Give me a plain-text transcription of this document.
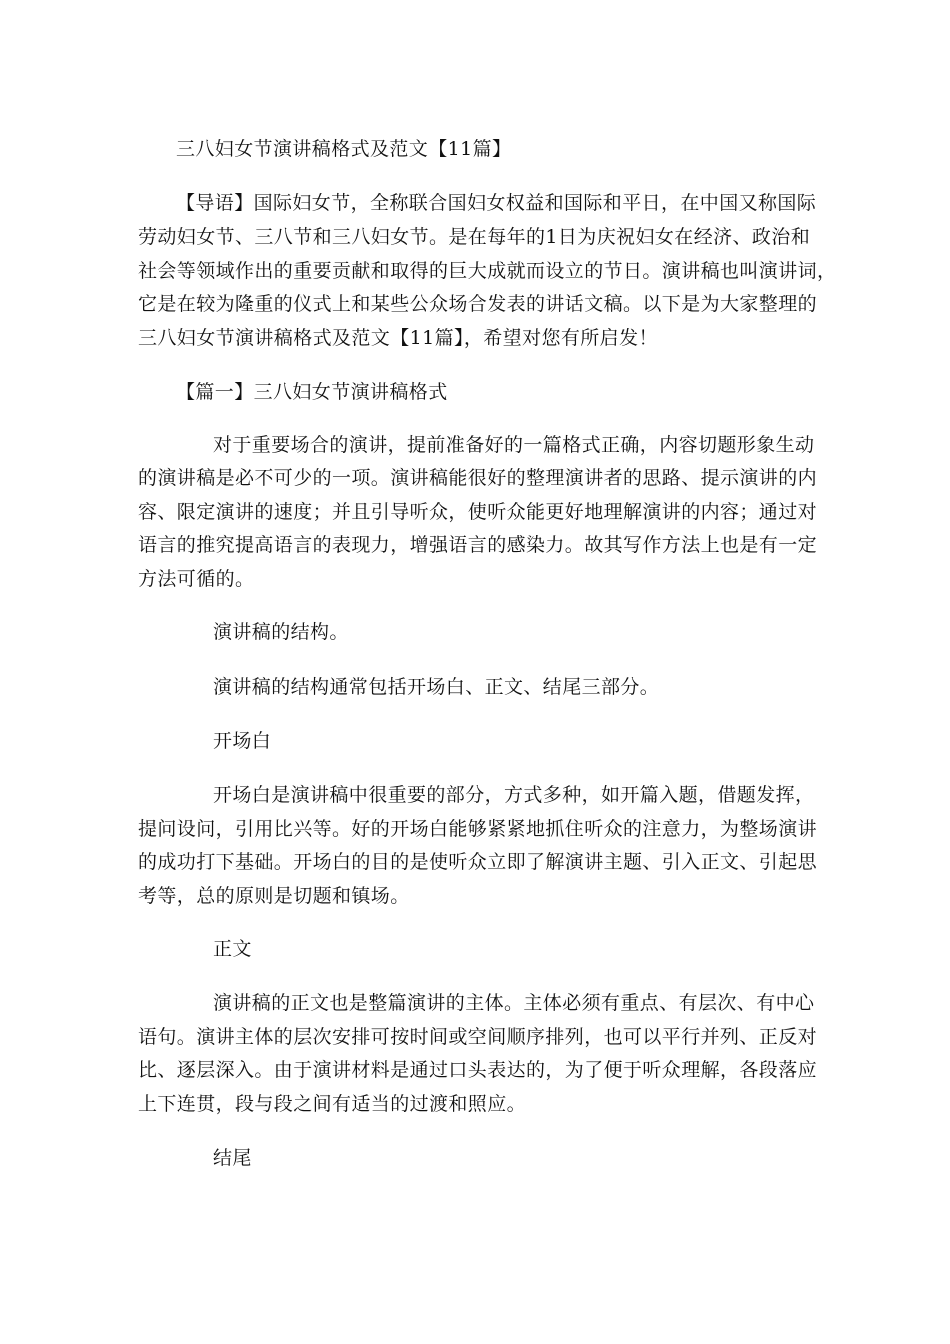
三八妇女节演讲稿格式及范文【11篇】
【导语】国际妇女节，全称联合国妇女权益和国际和平日，在中国又称国际
劳动妇女节、三八节和三八妇女节。是在每年的1日为庆祝妇女在经济、政治和
社会等领域作出的重要贡献和取得的巨大成就而设立的节日。演讲稿也叫演讲词，
它是在较为隆重的仪式上和某些公众场合发表的讲话文稿。以下是为大家整理的
三八妇女节演讲稿格式及范文【11篇】，希望对您有所启发！
【篇一】三八妇女节演讲稿格式
对于重要场合的演讲，提前准备好的一篇格式正确，内容切题形象生动
的演讲稿是必不可少的一项。演讲稿能很好的整理演讲者的思路、提示演讲的内
容、限定演讲的速度；并且引导听众，使听众能更好地理解演讲的内容；通过对
语言的推究提高语言的表现力，增强语言的感染力。故其写作方法上也是有一定
方法可循的。
演讲稿的结构。
演讲稿的结构通常包括开场白、正文、结尾三部分。
开场白
开场白是演讲稿中很重要的部分，方式多种，如开篇入题，借题发挥，
提问设问，引用比兴等。好的开场白能够紧紧地抓住听众的注意力，为整场演讲
的成功打下基础。开场白的目的是使听众立即了解演讲主题、引入正文、引起思
考等，总的原则是切题和镇场。
正文
演讲稿的正文也是整篇演讲的主体。主体必须有重点、有层次、有中心
语句。演讲主体的层次安排可按时间或空间顺序排列，也可以平行并列、正反对
比、逐层深入。由于演讲材料是通过口头表达的，为了便于听众理解，各段落应
上下连贯，段与段之间有适当的过渡和照应。
结尾
